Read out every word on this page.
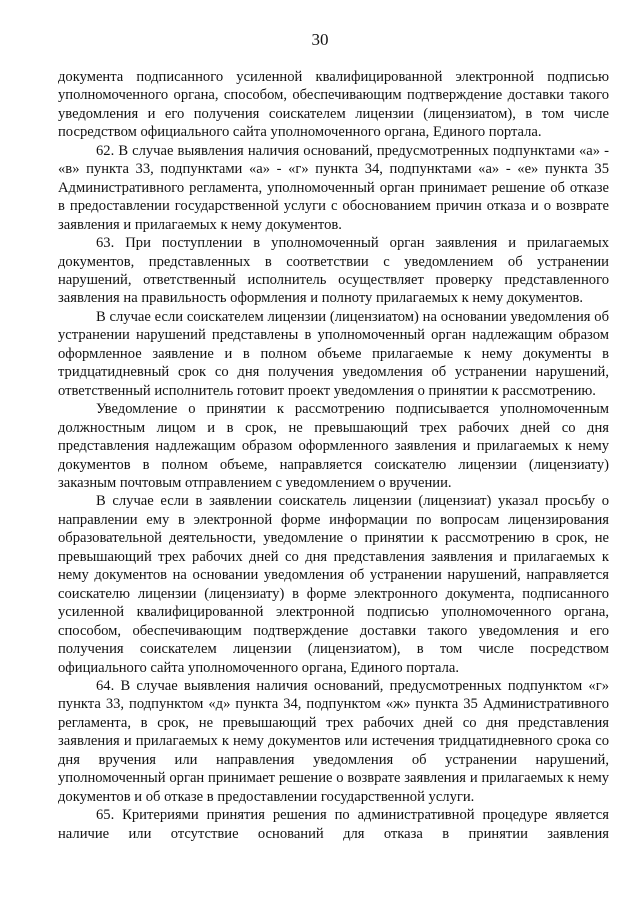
30

документа подписанного усиленной квалифицированной электронной подписью уполномоченного органа, способом, обеспечивающим подтверждение доставки такого уведомления и его получения соискателем лицензии (лицензиатом), в том числе посредством официального сайта уполномоченного органа, Единого портала.

62. В случае выявления наличия оснований, предусмотренных подпунктами «а» - «в» пункта 33, подпунктами «а» - «г» пункта 34, подпунктами «а» - «е» пункта 35 Административного регламента, уполномоченный орган принимает решение об отказе в предоставлении государственной услуги с обоснованием причин отказа и о возврате заявления и прилагаемых к нему документов.

63. При поступлении в уполномоченный орган заявления и прилагаемых документов, представленных в соответствии с уведомлением об устранении нарушений, ответственный исполнитель осуществляет проверку представленного заявления на правильность оформления и полноту прилагаемых к нему документов.

В случае если соискателем лицензии (лицензиатом) на основании уведомления об устранении нарушений представлены в уполномоченный орган надлежащим образом оформленное заявление и в полном объеме прилагаемые к нему документы в тридцатидневный срок со дня получения уведомления об устранении нарушений, ответственный исполнитель готовит проект уведомления о принятии к рассмотрению.

Уведомление о принятии к рассмотрению подписывается уполномоченным должностным лицом и в срок, не превышающий трех рабочих дней со дня представления надлежащим образом оформленного заявления и прилагаемых к нему документов в полном объеме, направляется соискателю лицензии (лицензиату) заказным почтовым отправлением с уведомлением о вручении.

В случае если в заявлении соискатель лицензии (лицензиат) указал просьбу о направлении ему в электронной форме информации по вопросам лицензирования образовательной деятельности, уведомление о принятии к рассмотрению в срок, не превышающий трех рабочих дней со дня представления заявления и прилагаемых к нему документов на основании уведомления об устранении нарушений, направляется соискателю лицензии (лицензиату) в форме электронного документа, подписанного усиленной квалифицированной электронной подписью уполномоченного органа, способом, обеспечивающим подтверждение доставки такого уведомления и его получения соискателем лицензии (лицензиатом), в том числе посредством официального сайта уполномоченного органа, Единого портала.

64. В случае выявления наличия оснований, предусмотренных подпунктом «г» пункта 33, подпунктом «д» пункта 34, подпунктом «ж» пункта 35 Административного регламента, в срок, не превышающий трех рабочих дней со дня представления заявления и прилагаемых к нему документов или истечения тридцатидневного срока со дня вручения или направления уведомления об устранении нарушений, уполномоченный орган принимает решение о возврате заявления и прилагаемых к нему документов и об отказе в предоставлении государственной услуги.

65. Критериями принятия решения по административной процедуре является наличие или отсутствие оснований для отказа в принятии заявления
